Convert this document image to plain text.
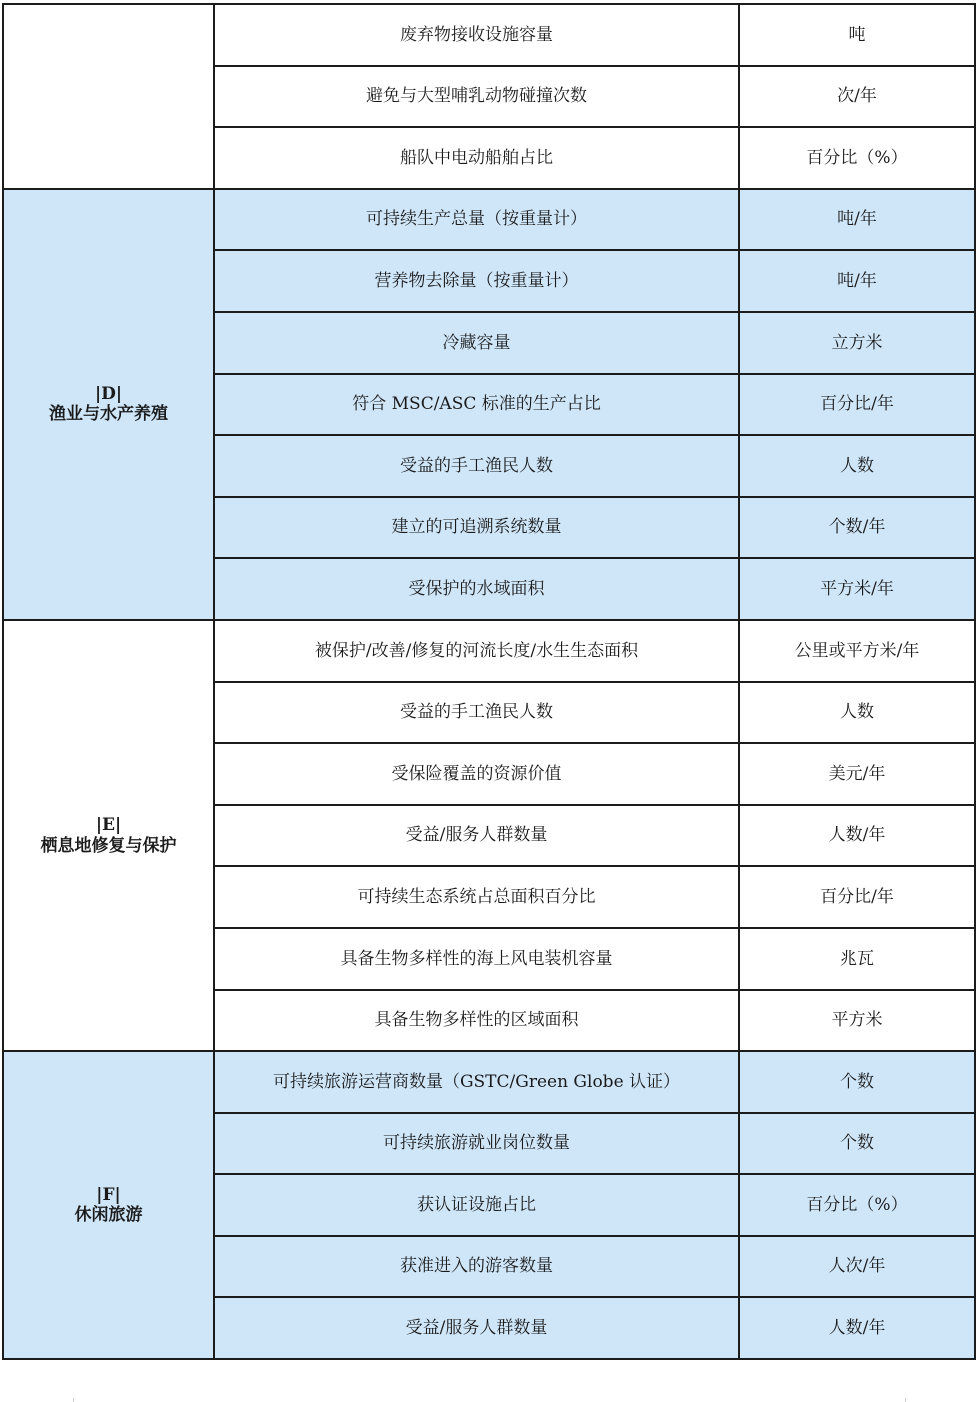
	废弃物接收设施容量	吨
	避免与大型哺乳动物碰撞次数	次/年
	船队中电动船舶占比	百分比（%）

|D|
渔业与水产养殖	可持续生产总量（按重量计）	吨/年
	营养物去除量（按重量计）	吨/年
	冷藏容量	立方米
	符合 MSC/ASC 标准的生产占比	百分比/年
	受益的手工渔民人数	人数
	建立的可追溯系统数量	个数/年
	受保护的水域面积	平方米/年

|E|
栖息地修复与保护	被保护/改善/修复的河流长度/水生生态面积	公里或平方米/年
	受益的手工渔民人数	人数
	受保险覆盖的资源价值	美元/年
	受益/服务人群数量	人数/年
	可持续生态系统占总面积百分比	百分比/年
	具备生物多样性的海上风电装机容量	兆瓦
	具备生物多样性的区域面积	平方米

|F|
休闲旅游	可持续旅游运营商数量（GSTC/Green Globe 认证）	个数
	可持续旅游就业岗位数量	个数
	获认证设施占比	百分比（%）
	获准进入的游客数量	人次/年
	受益/服务人群数量	人数/年
